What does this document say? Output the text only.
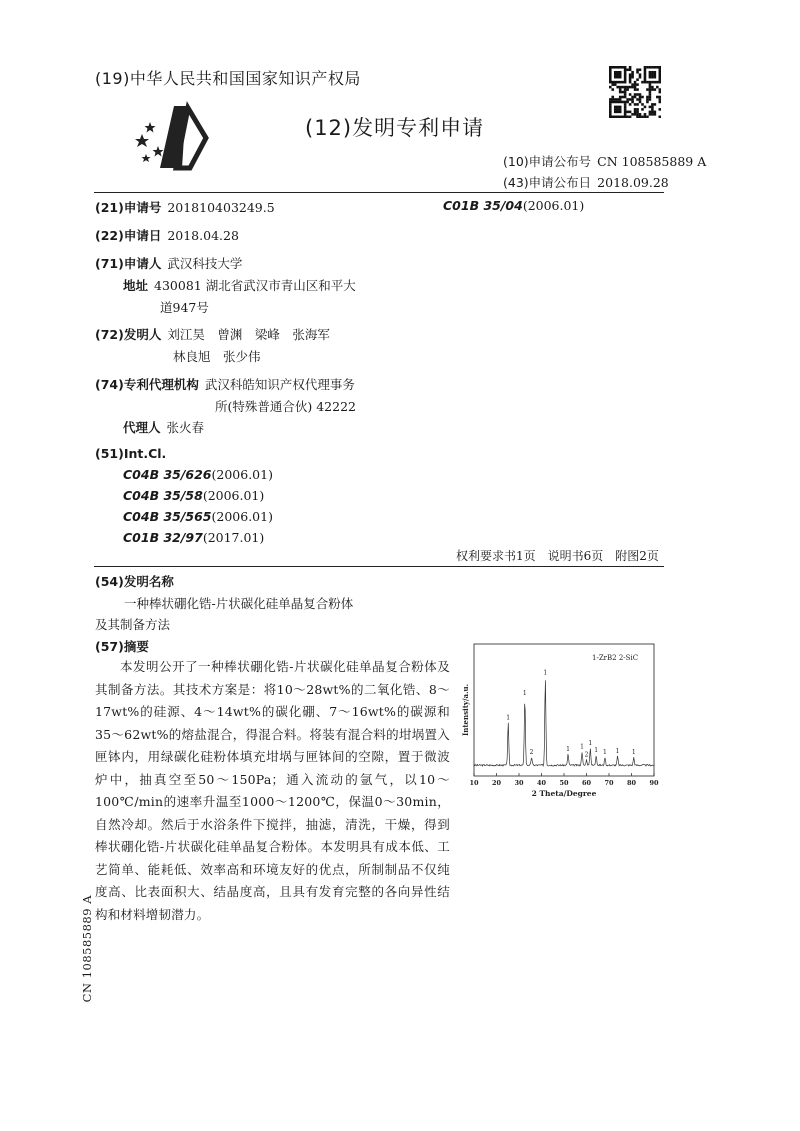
(19)中华人民共和国国家知识产权局
(12)发明专利申请
(10)申请公布号 CN 108585889 A
(43)申请公布日 2018.09.28
(21)申请号 201810403249.5
(22)申请日 2018.04.28
(71)申请人 武汉科技大学
地址 430081 湖北省武汉市青山区和平大
道947号
(72)发明人 刘江昊　曾渊　梁峰　张海军
林良旭　张少伟
(74)专利代理机构 武汉科皓知识产权代理事务
所(特殊普通合伙) 42222
代理人 张火春
(51)Int.Cl.
C04B 35/626(2006.01)
C04B 35/58(2006.01)
C04B 35/565(2006.01)
C01B 32/97(2017.01)
C01B 35/04(2006.01)
权利要求书1页　说明书6页　附图2页
(54)发明名称
一种棒状硼化锆-片状碳化硅单晶复合粉体
及其制备方法
(57)摘要
本发明公开了一种棒状硼化锆-片状碳化硅单晶复合粉体及其制备方法。其技术方案是：将10～28wt%的二氧化锆、8～17wt%的硅源、4～14wt%的碳化硼、7～16wt%的碳源和35～62wt%的熔盐混合，得混合料。将装有混合料的坩埚置入匣钵内，用绿碳化硅粉体填充坩埚与匣钵间的空隙，置于微波炉中，抽真空至50～150Pa；通入流动的氩气，以10～100℃/min的速率升温至1000～1200℃，保温0～30min，自然冷却。然后于水浴条件下搅拌，抽滤，清洗，干燥，得到棒状硼化锆-片状碳化硅单晶复合粉体。本发明具有成本低、工艺简单、能耗低、效率高和环境友好的优点，所制制品不仅纯度高、比表面积大、结晶度高，且具有发育完整的各向异性结构和材料增韧潜力。
CN 108585889 A
1-ZrB2 2-SiC
2 Theta/Degree
Intensity/a.u.
10 20 30 40 50 60 70 80 90
1
1
2
1
1 1
2
1
1 1 1 1
